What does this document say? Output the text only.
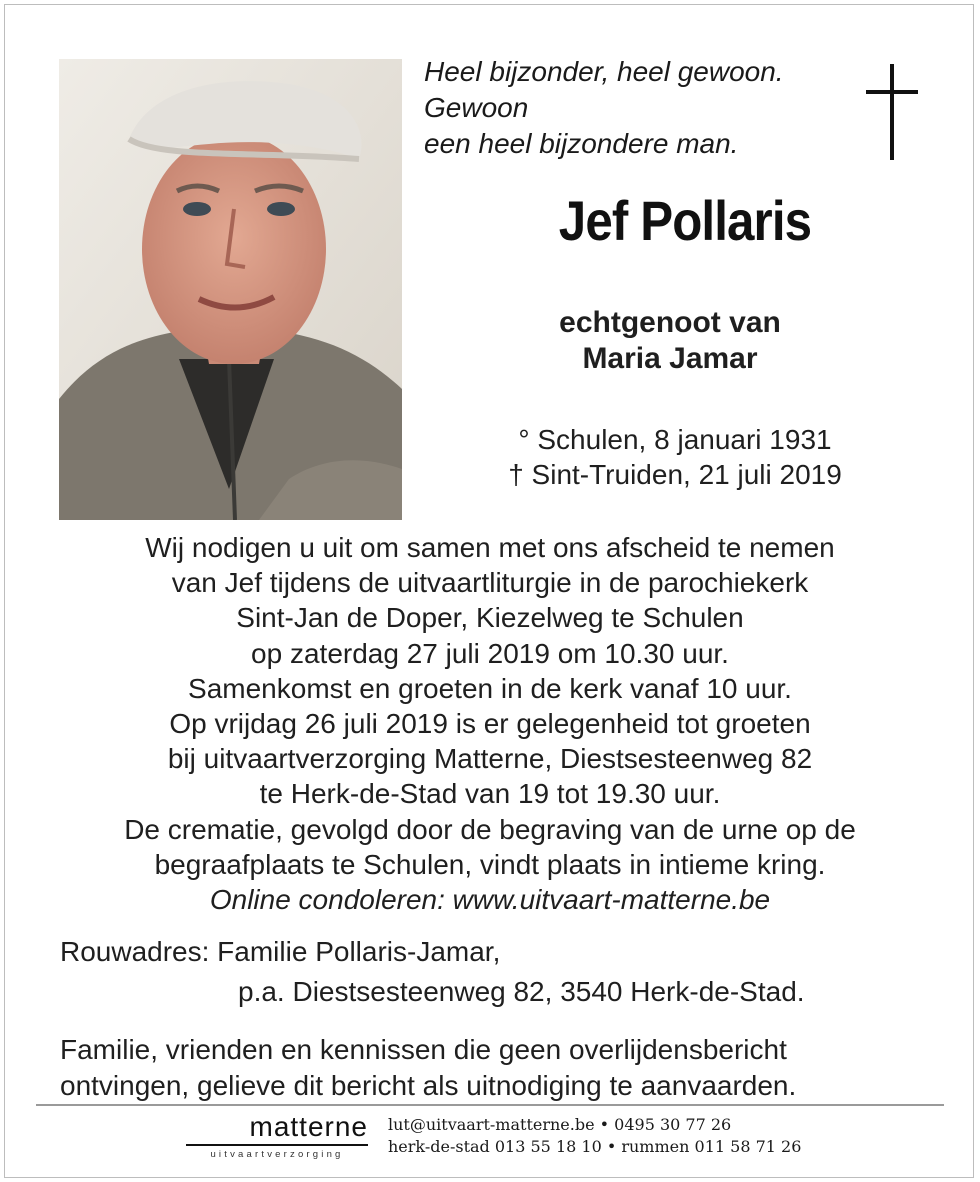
Heel bijzonder, heel gewoon.
Gewoon
een heel bijzondere man.
Jef Pollaris
echtgenoot van
Maria Jamar
° Schulen, 8 januari 1931
† Sint-Truiden, 21 juli 2019
Wij nodigen u uit om samen met ons afscheid te nemen
van Jef tijdens de uitvaartliturgie in de parochiekerk
Sint-Jan de Doper, Kiezelweg te Schulen
op zaterdag 27 juli 2019 om 10.30 uur.
Samenkomst en groeten in de kerk vanaf 10 uur.
Op vrijdag 26 juli 2019 is er gelegenheid tot groeten
bij uitvaartverzorging Matterne, Diestsesteenweg 82
te Herk-de-Stad van 19 tot 19.30 uur.
De crematie, gevolgd door de begraving van de urne op de
begraafplaats te Schulen, vindt plaats in intieme kring.
Online condoleren: www.uitvaart-matterne.be
Rouwadres: Familie Pollaris-Jamar,
p.a. Diestsesteenweg 82, 3540 Herk-de-Stad.
Familie, vrienden en kennissen die geen overlijdensbericht
ontvingen, gelieve dit bericht als uitnodiging te aanvaarden.
matterne
uitvaartverzorging
lut@uitvaart-matterne.be • 0495 30 77 26
herk-de-stad 013 55 18 10 • rummen 011 58 71 26
